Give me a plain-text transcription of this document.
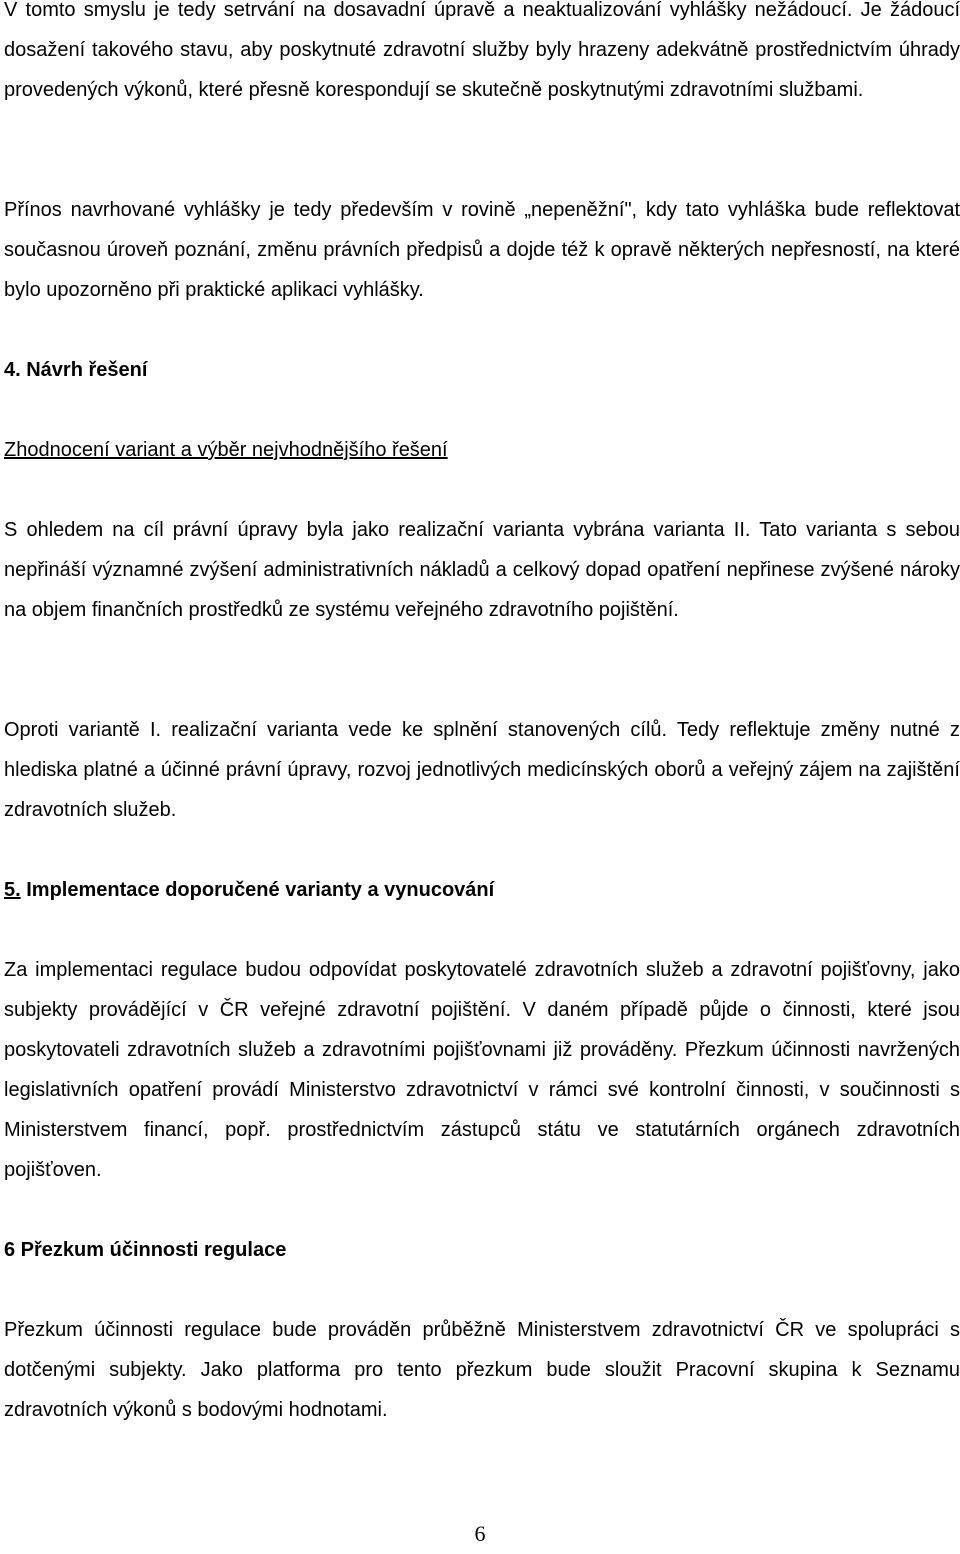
V tomto smyslu je tedy setrvání na dosavadní úpravě a neaktualizování vyhlášky nežádoucí. Je žádoucí dosažení takového stavu, aby poskytnuté zdravotní služby byly hrazeny adekvátně prostřednictvím úhrady provedených výkonů, které přesně korespondují se skutečně poskytnutými zdravotními službami.

Přínos navrhované vyhlášky je tedy především v rovině „nepeněžní", kdy tato vyhláška bude reflektovat současnou úroveň poznání, změnu právních předpisů a dojde též k opravě některých nepřesností, na které bylo upozorněno při praktické aplikaci vyhlášky.

4. Návrh řešení

Zhodnocení variant a výběr nejvhodnějšího řešení

S ohledem na cíl právní úpravy byla jako realizační varianta vybrána varianta II. Tato varianta s sebou nepřináší významné zvýšení administrativních nákladů a celkový dopad opatření nepřinese zvýšené nároky na objem finančních prostředků ze systému veřejného zdravotního pojištění.

Oproti variantě I. realizační varianta vede ke splnění stanovených cílů. Tedy reflektuje změny nutné z hlediska platné a účinné právní úpravy, rozvoj jednotlivých medicínských oborů a veřejný zájem na zajištění zdravotních služeb.

5. Implementace doporučené varianty a vynucování

Za implementaci regulace budou odpovídat poskytovatelé zdravotních služeb a zdravotní pojišťovny, jako subjekty provádějící v ČR veřejné zdravotní pojištění. V daném případě půjde o činnosti, které jsou poskytovateli zdravotních služeb a zdravotními pojišťovnami již prováděny. Přezkum účinnosti navržených legislativních opatření provádí Ministerstvo zdravotnictví v rámci své kontrolní činnosti, v součinnosti s Ministerstvem financí, popř. prostřednictvím zástupců státu ve statutárních orgánech zdravotních pojišťoven.

6 Přezkum účinnosti regulace

Přezkum účinnosti regulace bude prováděn průběžně Ministerstvem zdravotnictví ČR ve spolupráci s dotčenými subjekty. Jako platforma pro tento přezkum bude sloužit Pracovní skupina k Seznamu zdravotních výkonů s bodovými hodnotami.

6
